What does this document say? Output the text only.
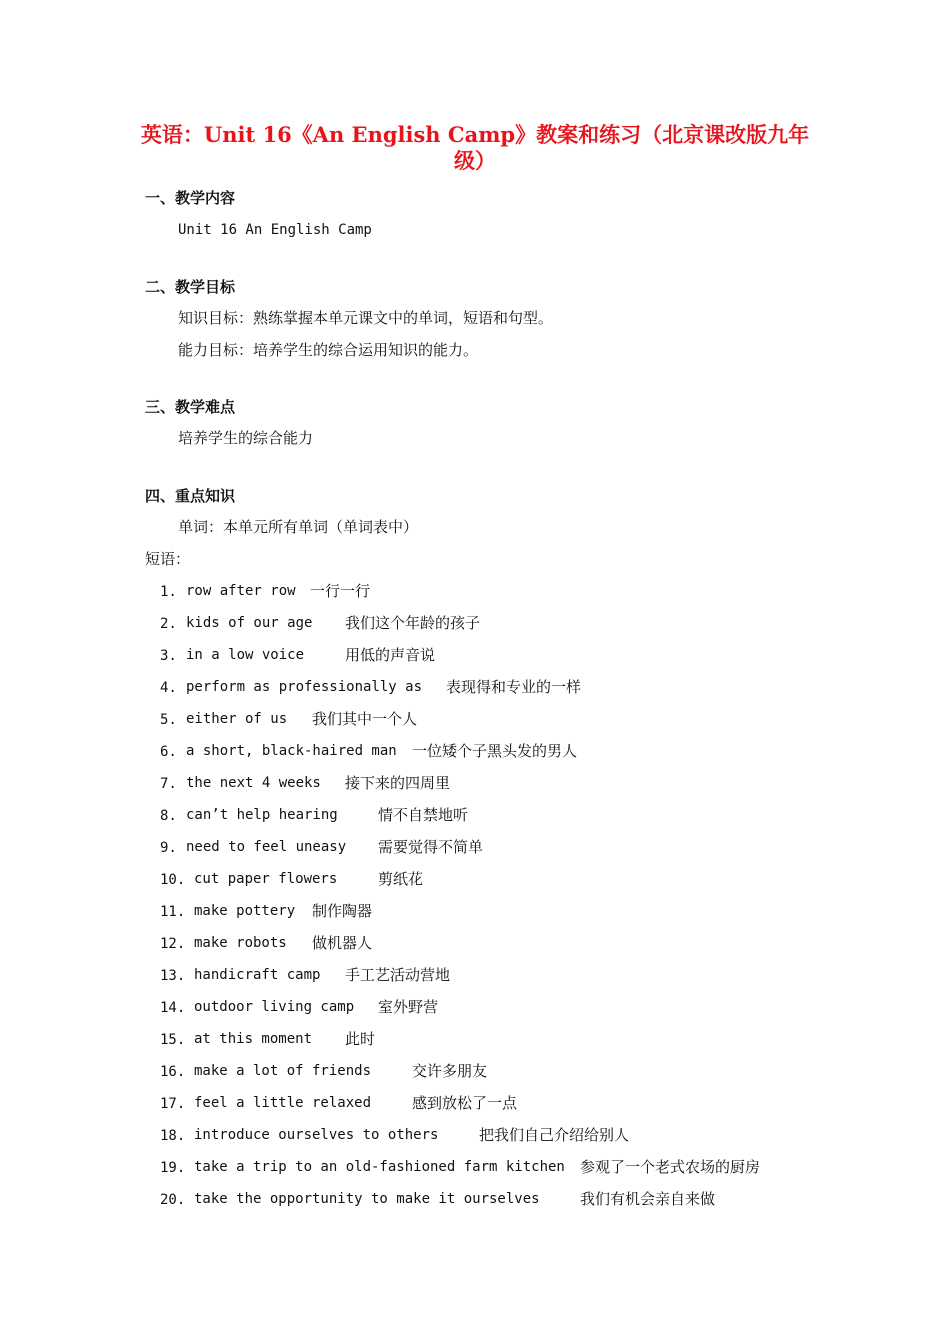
英语：Unit 16《An English Camp》教案和练习（北京课改版九年级）
一、教学内容
Unit 16 An English Camp
二、教学目标
知识目标：熟练掌握本单元课文中的单词，短语和句型。
能力目标：培养学生的综合运用知识的能力。
三、教学难点
培养学生的综合能力
四、重点知识
单词：本单元所有单词（单词表中）
短语：
1. row after row 一行一行
2. kids of our age 我们这个年龄的孩子
3. in a low voice	用低的声音说
4. perform as professionally as 表现得和专业的一样
5. either of us 我们其中一个人
6. a short, black-haired man 一位矮个子黑头发的男人
7. the next 4 weeks 接下来的四周里
8. can’t help hearing	情不自禁地听
9. need to feel uneasy 需要觉得不简单
10. cut paper flowers	剪纸花
11. make pottery 制作陶器
12. make robots 做机器人
13. handicraft camp 手工艺活动营地
14. outdoor living camp 室外野营
15. at this moment 此时
16. make a lot of friends	交许多朋友
17. feel a little relaxed	感到放松了一点
18. introduce ourselves to others	把我们自己介绍给别人
19. take a trip to an old-fashioned farm kitchen 参观了一个老式农场的厨房
20. take the opportunity to make it ourselves	我们有机会亲自来做
